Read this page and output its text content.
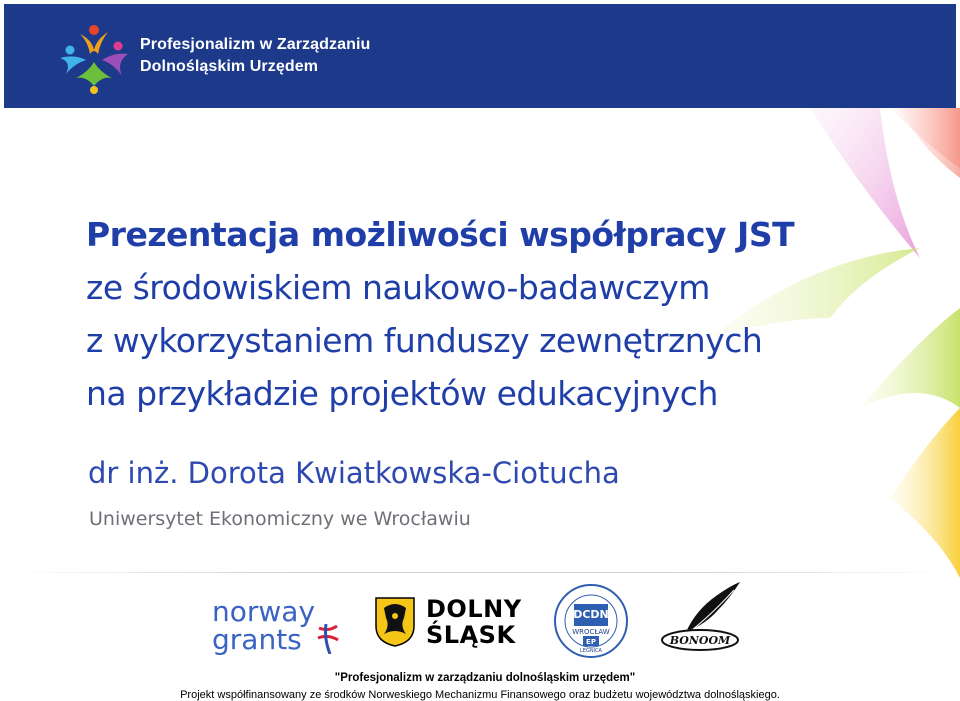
Profesjonalizm w Zarządzaniu
Dolnośląskim Urzędem
Prezentacja możliwości współpracy JST
ze środowiskiem naukowo-badawczym
z wykorzystaniem funduszy zewnętrznych
na przykładzie projektów edukacyjnych
dr inż. Dorota Kwiatkowska-Ciotucha
Uniwersytet Ekonomiczny we Wrocławiu
norway
grants
DOLNY
ŚLĄSK
DCDN
WROCŁAW
EP
LEGNICA
BONOOM
"Profesjonalizm w zarządzaniu dolnośląskim urzędem"
Projekt współfinansowany ze środków Norweskiego Mechanizmu Finansowego oraz budżetu województwa dolnośląskiego.
